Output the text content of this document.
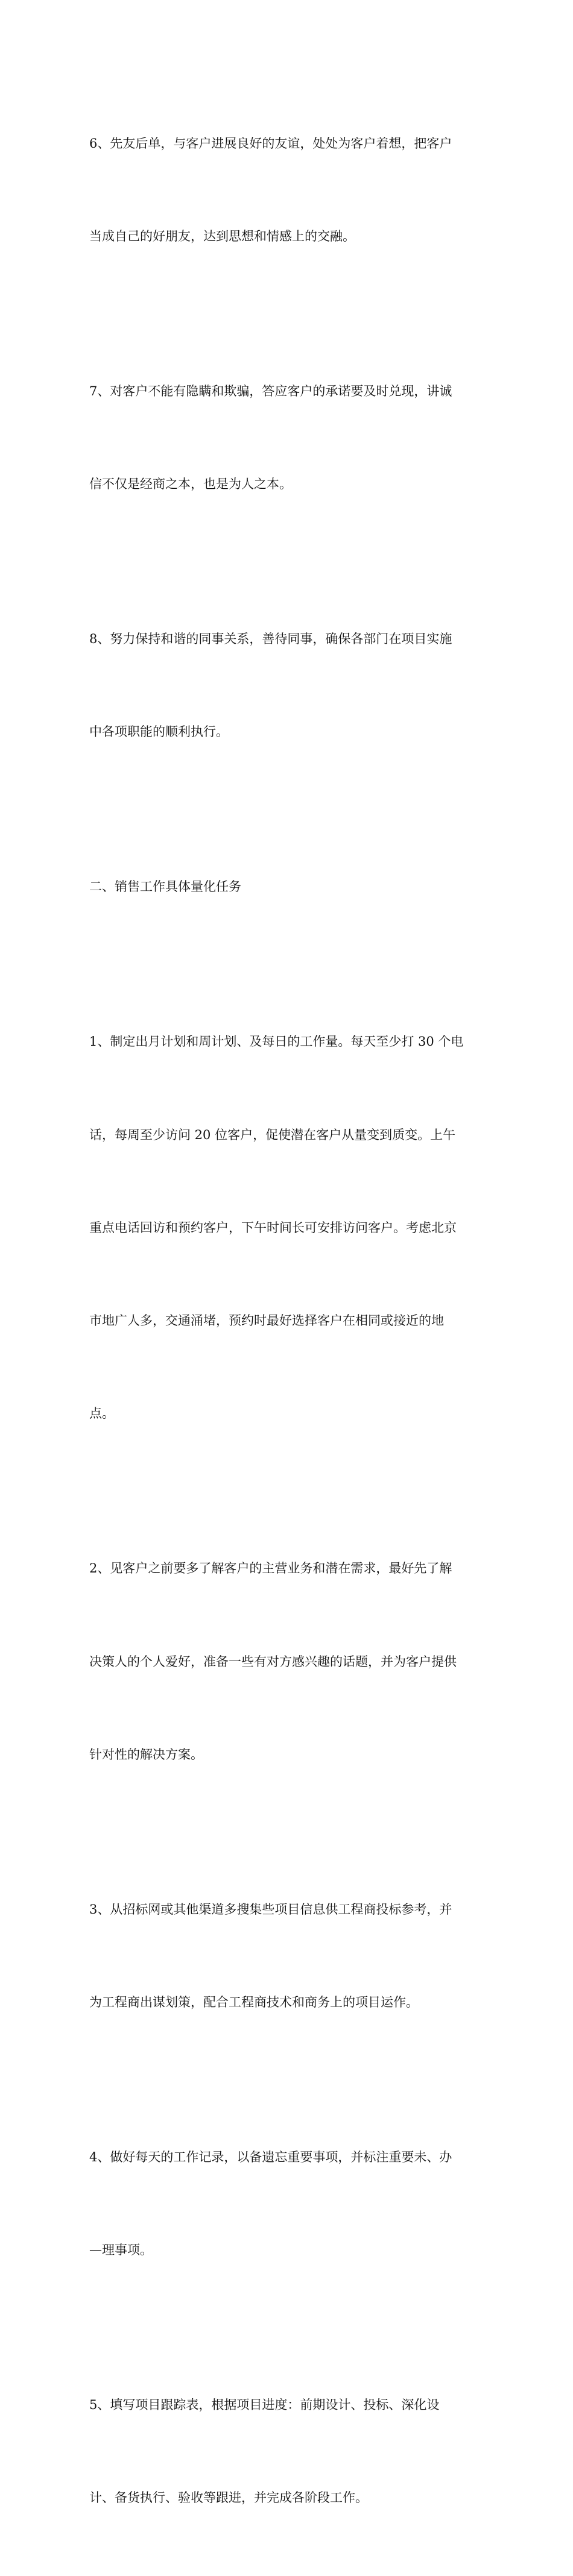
6、先友后单，与客户进展良好的友谊，处处为客户着想，把客户

当成自己的好朋友，达到思想和情感上的交融。

7、对客户不能有隐瞒和欺骗，答应客户的承诺要及时兑现，讲诚

信不仅是经商之本，也是为人之本。

8、努力保持和谐的同事关系，善待同事，确保各部门在项目实施

中各项职能的顺利执行。

二、销售工作具体量化任务

1、制定出月计划和周计划、及每日的工作量。每天至少打 30 个电

话，每周至少访问 20 位客户，促使潜在客户从量变到质变。上午

重点电话回访和预约客户，下午时间长可安排访问客户。考虑北京

市地广人多，交通涌堵，预约时最好选择客户在相同或接近的地

点。

2、见客户之前要多了解客户的主营业务和潜在需求，最好先了解

决策人的个人爱好，准备一些有对方感兴趣的话题，并为客户提供

针对性的解决方案。

3、从招标网或其他渠道多搜集些项目信息供工程商投标参考，并

为工程商出谋划策，配合工程商技术和商务上的项目运作。

4、做好每天的工作记录，以备遗忘重要事项，并标注重要未、办

—理事项。

5、填写项目跟踪表，根据项目进度：前期设计、投标、深化设

计、备货执行、验收等跟进，并完成各阶段工作。
